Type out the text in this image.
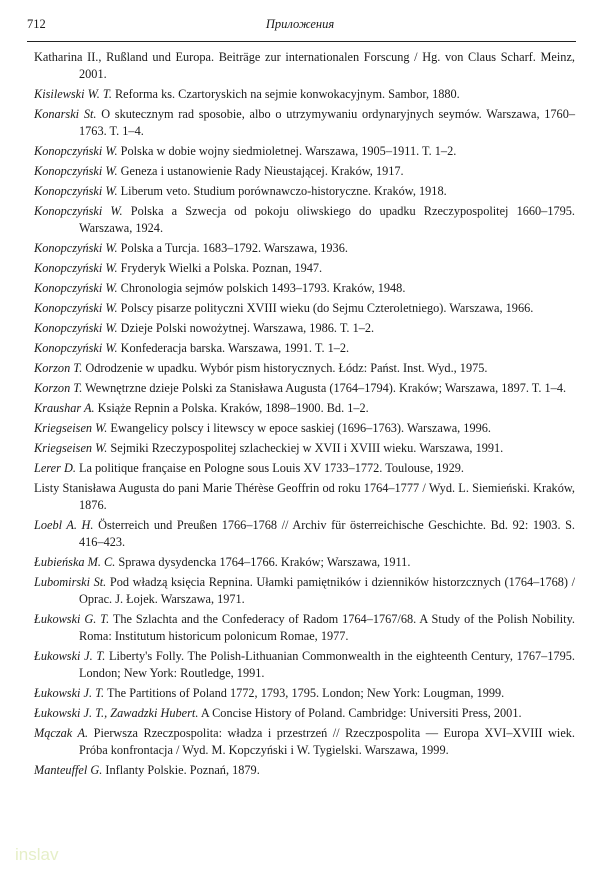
712	Приложения

Katharina II., Rußland und Europa. Beiträge zur internationalen Forscung / Hg. von Claus Scharf. Meinz, 2001.

Kisilewski W. T. Reforma ks. Czartoryskich na sejmie konwokacyjnym. Sambor, 1880.

Konarski St. O skutecznym rad sposobie, albo o utrzymywaniu ordynaryjnych seymów. Warszawa, 1760–1763. T. 1–4.

Konopczyński W. Polska w dobie wojny siedmioletnej. Warszawa, 1905–1911. T. 1–2.

Konopczyński W. Geneza i ustanowienie Rady Nieustającej. Kraków, 1917.

Konopczyński W. Liberum veto. Studium porównawczo-historyczne. Kraków, 1918.

Konopczyński W. Polska a Szwecja od pokoju oliwskiego do upadku Rzeczypospolitej 1660–1795. Warszawa, 1924.

Konopczyński W. Polska a Turcja. 1683–1792. Warszawa, 1936.

Konopczyński W. Fryderyk Wielki a Polska. Poznan, 1947.

Konopczyński W. Chronologia sejmów polskich 1493–1793. Kraków, 1948.

Konopczyński W. Polscy pisarze polityczni XVIII wieku (do Sejmu Czteroletniego). Warszawa, 1966.

Konopczyński W. Dzieje Polski nowożytnej. Warszawa, 1986. T. 1–2.

Konopczyński W. Konfederacja barska. Warszawa, 1991. T. 1–2.

Korzon T. Odrodzenie w upadku. Wybór pism historycznych. Łódz: Państ. Inst. Wyd., 1975.

Korzon T. Wewnętrzne dzieje Polski za Stanisława Augusta (1764–1794). Kraków; Warszawa, 1897. T. 1–4.

Kraushar A. Książe Repnin a Polska. Kraków, 1898–1900. Bd. 1–2.

Kriegseisen W. Ewangelicy polscy i litewscy w epoce saskiej (1696–1763). Warszawa, 1996.

Kriegseisen W. Sejmiki Rzeczypospolitej szlacheckiej w XVII i XVIII wieku. Warszawa, 1991.

Lerer D. La politique française en Pologne sous Louis XV 1733–1772. Toulouse, 1929.

Listy Stanisława Augusta do pani Marie Thérèse Geoffrin od roku 1764–1777 / Wyd. L. Siemieński. Kraków, 1876.

Loebl A. H. Österreich und Preußen 1766–1768 // Archiv für österreichische Geschichte. Bd. 92: 1903. S. 416–423.

Łubieńska M. C. Sprawa dysydencka 1764–1766. Kraków; Warszawa, 1911.

Lubomirski St. Pod władzą księcia Repnina. Ułamki pamiętników i dzienników historzcznych (1764–1768) / Oprac. J. Łojek. Warszawa, 1971.

Łukowski G. T. The Szlachta and the Confederacy of Radom 1764–1767/68. A Study of the Polish Nobility. Roma: Institutum historicum polonicum Romae, 1977.

Łukowski J. T. Liberty's Folly. The Polish-Lithuanian Commonwealth in the eighteenth Century, 1767–1795. London; New York: Routledge, 1991.

Łukowski J. T. The Partitions of Poland 1772, 1793, 1795. London; New York: Lougman, 1999.

Łukowski J. T., Zawadzki Hubert. A Concise History of Poland. Cambridge: Universiti Press, 2001.

Mączak A. Pierwsza Rzeczpospolita: władza i przestrzeń // Rzeczpospolita — Europa XVI–XVIII wiek. Próba konfrontacja / Wyd. M. Kopczyński i W. Tygielski. Warszawa, 1999.

Manteuffel G. Inflanty Polskie. Poznań, 1879.

inslav
